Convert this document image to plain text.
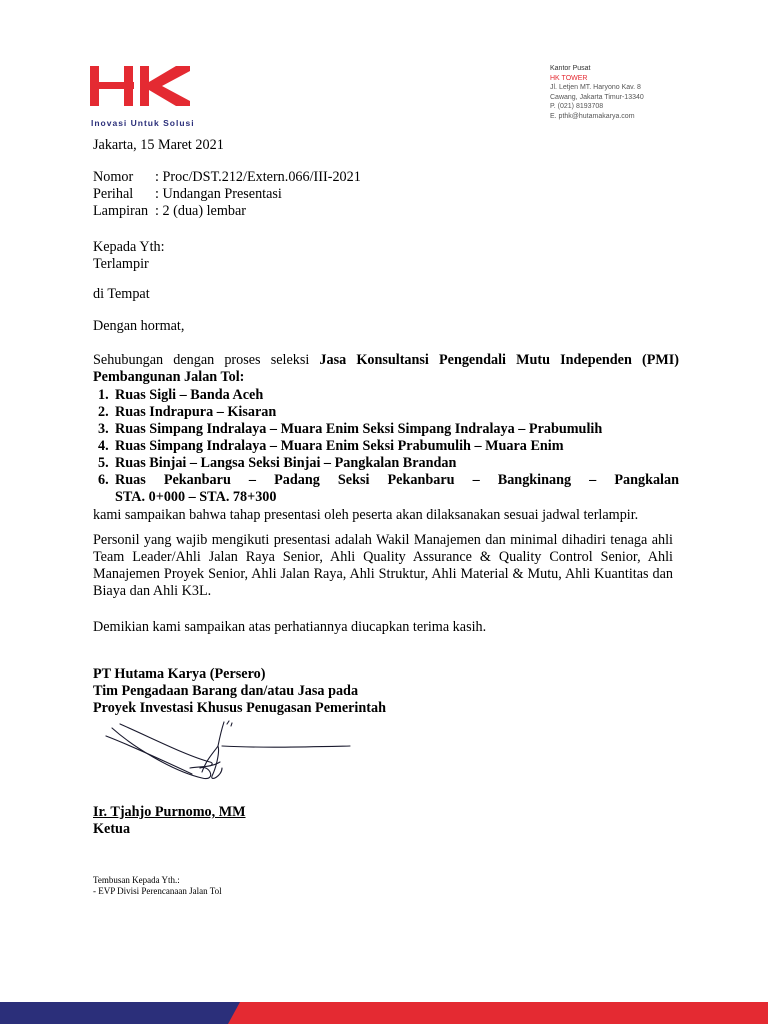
Inovasi Untuk Solusi
Kantor Pusat
HK TOWER
Jl. Letjen MT. Haryono Kav. 8
Cawang, Jakarta Timur-13340
P. (021) 8193708
E. pthk@hutamakarya.com
Jakarta, 15 Maret 2021
Nomor : Proc/DST.212/Extern.066/III-2021
Perihal : Undangan Presentasi
Lampiran : 2 (dua) lembar
Kepada Yth:
Terlampir
di Tempat
Dengan hormat,
Sehubungan dengan proses seleksi Jasa Konsultansi Pengendali Mutu Independen (PMI) Pembangunan Jalan Tol:
1. Ruas Sigli – Banda Aceh
2. Ruas Indrapura – Kisaran
3. Ruas Simpang Indralaya – Muara Enim Seksi Simpang Indralaya – Prabumulih
4. Ruas Simpang Indralaya – Muara Enim Seksi Prabumulih – Muara Enim
5. Ruas Binjai – Langsa Seksi Binjai – Pangkalan Brandan
6. Ruas Pekanbaru – Padang Seksi Pekanbaru – Bangkinang – Pangkalan
STA. 0+000 – STA. 78+300
kami sampaikan bahwa tahap presentasi oleh peserta akan dilaksanakan sesuai jadwal terlampir.
Personil yang wajib mengikuti presentasi adalah Wakil Manajemen dan minimal dihadiri tenaga ahli Team Leader/Ahli Jalan Raya Senior, Ahli Quality Assurance & Quality Control Senior, Ahli Manajemen Proyek Senior, Ahli Jalan Raya, Ahli Struktur, Ahli Material & Mutu, Ahli Kuantitas dan Biaya dan Ahli K3L.
Demikian kami sampaikan atas perhatiannya diucapkan terima kasih.
PT Hutama Karya (Persero)
Tim Pengadaan Barang dan/atau Jasa pada
Proyek Investasi Khusus Penugasan Pemerintah
Ir. Tjahjo Purnomo, MM
Ketua
Tembusan Kepada Yth.:
- EVP Divisi Perencanaan Jalan Tol
